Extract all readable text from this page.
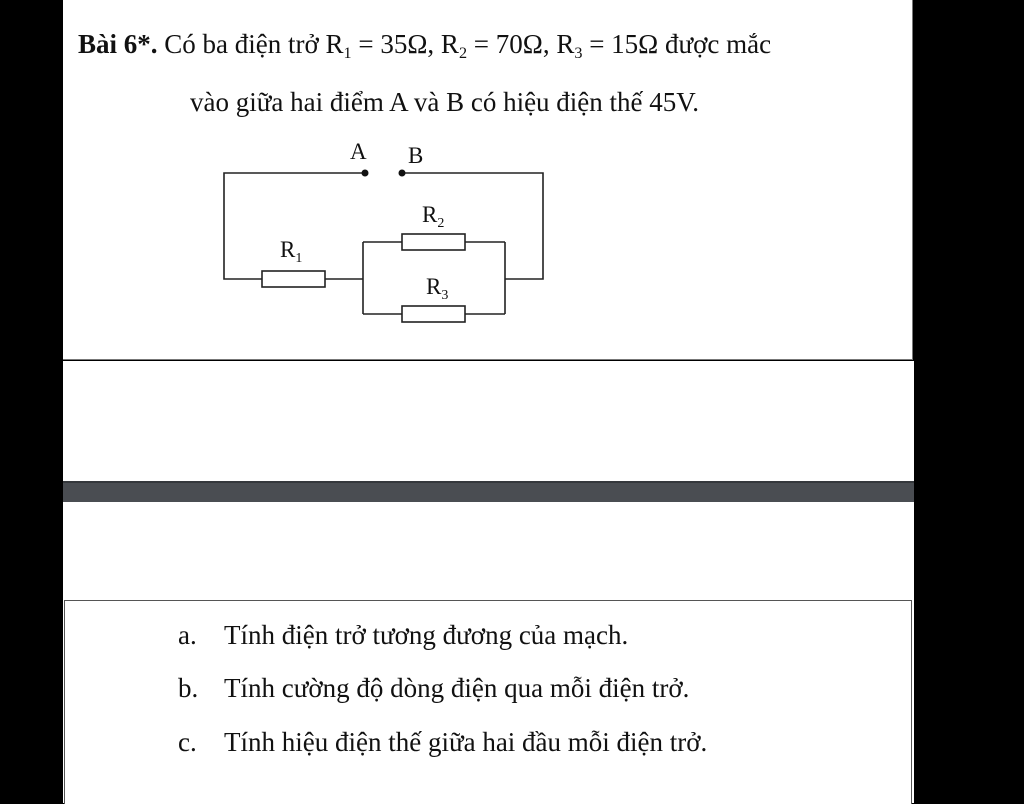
Bài 6*. Có ba điện trở $R_1 = 35\Omega$, $R_2 = 70\Omega$, $R_3 = 15\Omega$ được mắc
vào giữa hai điểm A và B có hiệu điện thế 45V.
A B
$R_1$
$R_2$
$R_3$
a. Tính điện trở tương đương của mạch.
b. Tính cường độ dòng điện qua mỗi điện trở.
c. Tính hiệu điện thế giữa hai đầu mỗi điện trở.
